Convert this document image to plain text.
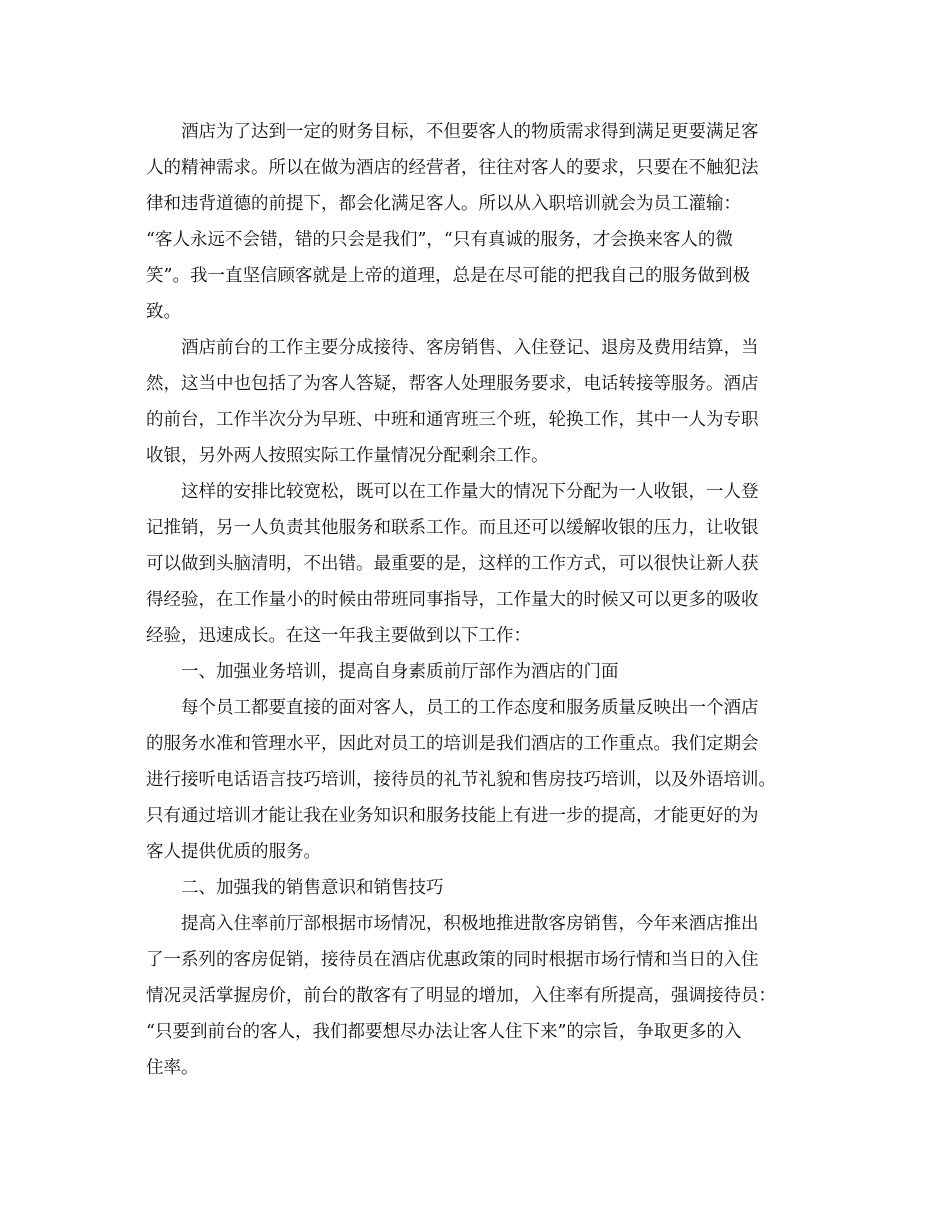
酒店为了达到一定的财务目标，不但要客人的物质需求得到满足更要满足客

人的精神需求。所以在做为酒店的经营者，往往对客人的要求，只要在不触犯法

律和违背道德的前提下，都会化满足客人。所以从入职培训就会为员工灌输：

“客人永远不会错，错的只会是我们”，“只有真诚的服务，才会换来客人的微

笑”。我一直坚信顾客就是上帝的道理，总是在尽可能的把我自己的服务做到极

致。

酒店前台的工作主要分成接待、客房销售、入住登记、退房及费用结算，当

然，这当中也包括了为客人答疑，帮客人处理服务要求，电话转接等服务。酒店

的前台，工作半次分为早班、中班和通宵班三个班，轮换工作，其中一人为专职

收银，另外两人按照实际工作量情况分配剩余工作。

这样的安排比较宽松，既可以在工作量大的情况下分配为一人收银，一人登

记推销，另一人负责其他服务和联系工作。而且还可以缓解收银的压力，让收银

可以做到头脑清明，不出错。最重要的是，这样的工作方式，可以很快让新人获

得经验，在工作量小的时候由带班同事指导，工作量大的时候又可以更多的吸收

经验，迅速成长。在这一年我主要做到以下工作：

一、加强业务培训，提高自身素质前厅部作为酒店的门面

每个员工都要直接的面对客人，员工的工作态度和服务质量反映出一个酒店

的服务水准和管理水平，因此对员工的培训是我们酒店的工作重点。我们定期会

进行接听电话语言技巧培训，接待员的礼节礼貌和售房技巧培训，以及外语培训。

只有通过培训才能让我在业务知识和服务技能上有进一步的提高，才能更好的为

客人提供优质的服务。

二、加强我的销售意识和销售技巧

提高入住率前厅部根据市场情况，积极地推进散客房销售，今年来酒店推出

了一系列的客房促销，接待员在酒店优惠政策的同时根据市场行情和当日的入住

情况灵活掌握房价，前台的散客有了明显的增加，入住率有所提高，强调接待员：

“只要到前台的客人，我们都要想尽办法让客人住下来”的宗旨，争取更多的入

住率。
